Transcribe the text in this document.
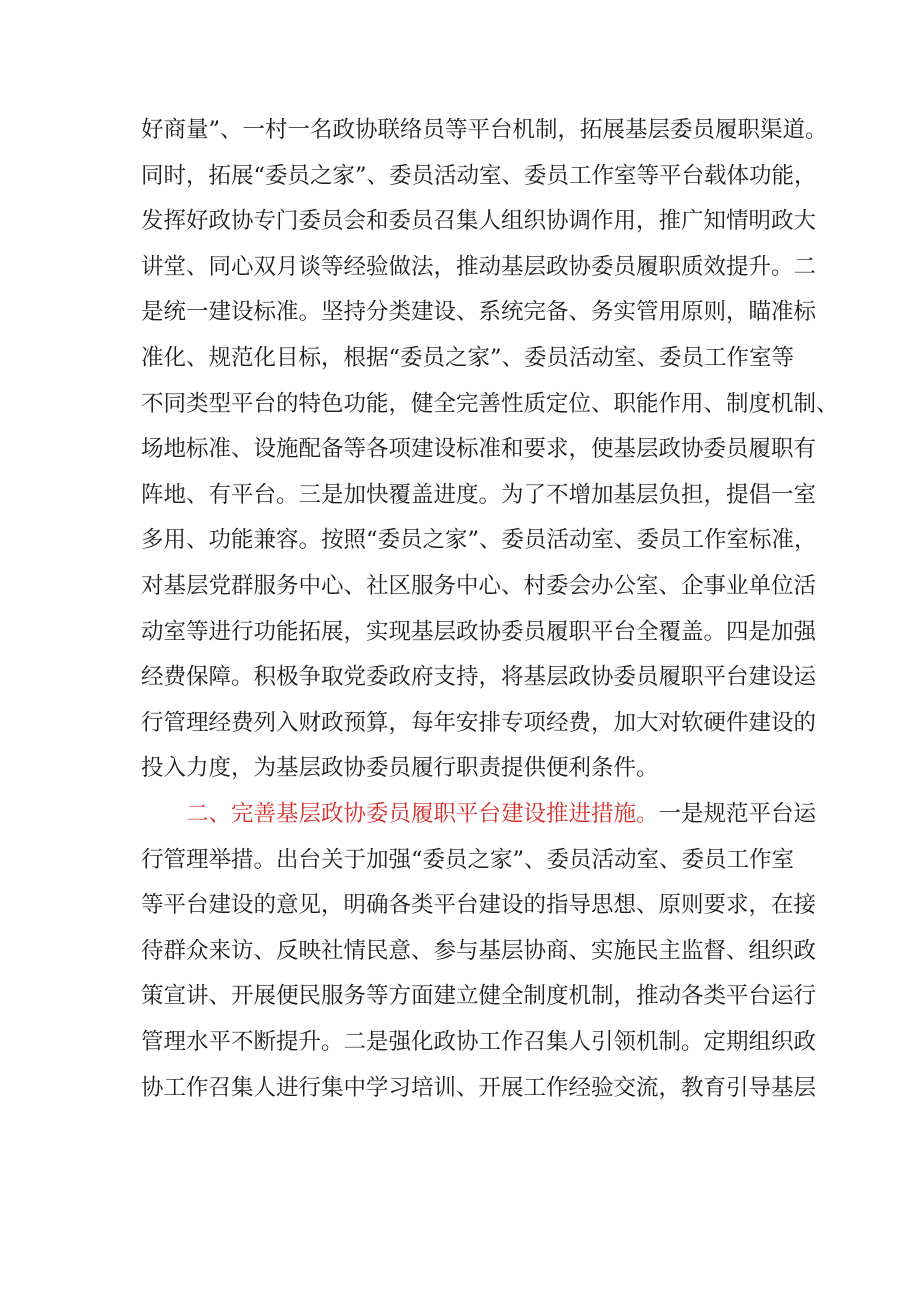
好商量”、一村一名政协联络员等平台机制，拓展基层委员履职渠道。
同时，拓展“委员之家”、委员活动室、委员工作室等平台载体功能，
发挥好政协专门委员会和委员召集人组织协调作用，推广知情明政大
讲堂、同心双月谈等经验做法，推动基层政协委员履职质效提升。二
是统一建设标准。坚持分类建设、系统完备、务实管用原则，瞄准标
准化、规范化目标，根据“委员之家”、委员活动室、委员工作室等
不同类型平台的特色功能，健全完善性质定位、职能作用、制度机制、
场地标准、设施配备等各项建设标准和要求，使基层政协委员履职有
阵地、有平台。三是加快覆盖进度。为了不增加基层负担，提倡一室
多用、功能兼容。按照“委员之家”、委员活动室、委员工作室标准，
对基层党群服务中心、社区服务中心、村委会办公室、企事业单位活
动室等进行功能拓展，实现基层政协委员履职平台全覆盖。四是加强
经费保障。积极争取党委政府支持，将基层政协委员履职平台建设运
行管理经费列入财政预算，每年安排专项经费，加大对软硬件建设的
投入力度，为基层政协委员履行职责提供便利条件。
二、完善基层政协委员履职平台建设推进措施。一是规范平台运
行管理举措。出台关于加强“委员之家”、委员活动室、委员工作室
等平台建设的意见，明确各类平台建设的指导思想、原则要求，在接
待群众来访、反映社情民意、参与基层协商、实施民主监督、组织政
策宣讲、开展便民服务等方面建立健全制度机制，推动各类平台运行
管理水平不断提升。二是强化政协工作召集人引领机制。定期组织政
协工作召集人进行集中学习培训、开展工作经验交流，教育引导基层
